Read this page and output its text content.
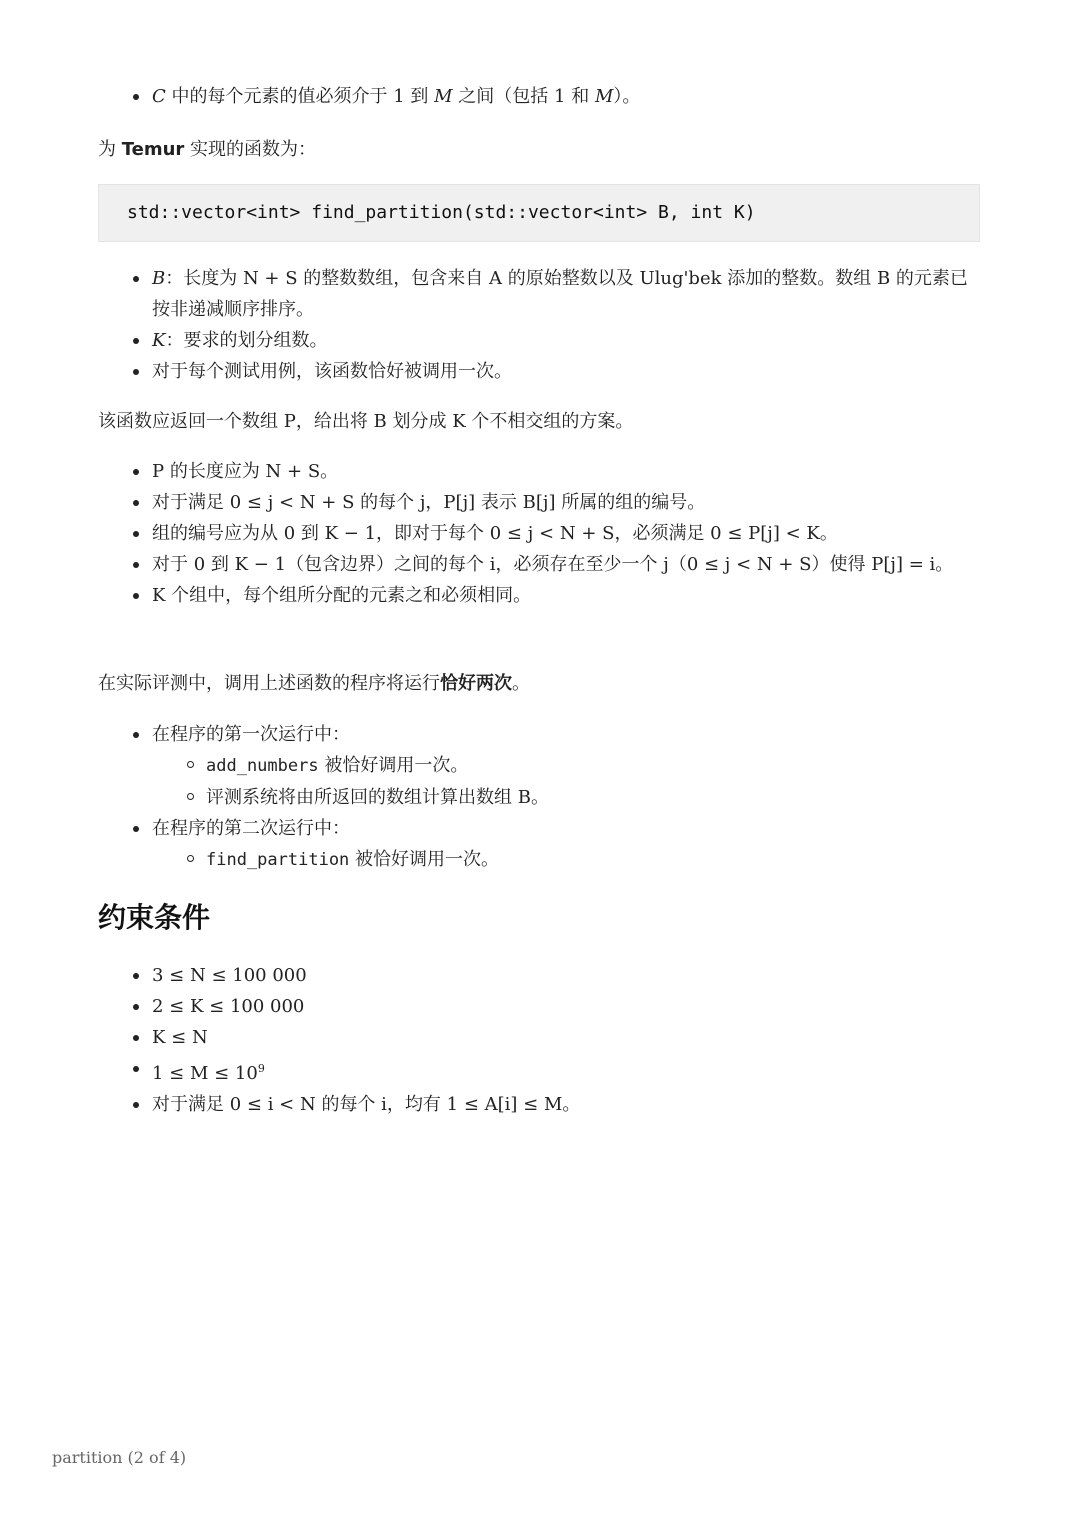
C 中的每个元素的值必须介于 1 到 M 之间（包括 1 和 M）。
为 Temur 实现的函数为：
std::vector<int> find_partition(std::vector<int> B, int K)
B：长度为 N + S 的整数数组，包含来自 A 的原始整数以及 Ulug'bek 添加的整数。数组 B 的元素已按非递减顺序排序。
K：要求的划分组数。
对于每个测试用例，该函数恰好被调用一次。
该函数应返回一个数组 P，给出将 B 划分成 K 个不相交组的方案。
P 的长度应为 N + S。
对于满足 0 ≤ j < N + S 的每个 j，P[j] 表示 B[j] 所属的组的编号。
组的编号应为从 0 到 K − 1，即对于每个 0 ≤ j < N + S，必须满足 0 ≤ P[j] < K。
对于 0 到 K − 1（包含边界）之间的每个 i，必须存在至少一个 j（0 ≤ j < N + S）使得 P[j] = i。
K 个组中，每个组所分配的元素之和必须相同。
在实际评测中，调用上述函数的程序将运行恰好两次。
在程序的第一次运行中：
add_numbers 被恰好调用一次。
评测系统将由所返回的数组计算出数组 B。
在程序的第二次运行中：
find_partition 被恰好调用一次。
约束条件
3 ≤ N ≤ 100 000
2 ≤ K ≤ 100 000
K ≤ N
$1 \le M \le 10^9$
对于满足 0 ≤ i < N 的每个 i，均有 1 ≤ A[i] ≤ M。
partition (2 of 4)
